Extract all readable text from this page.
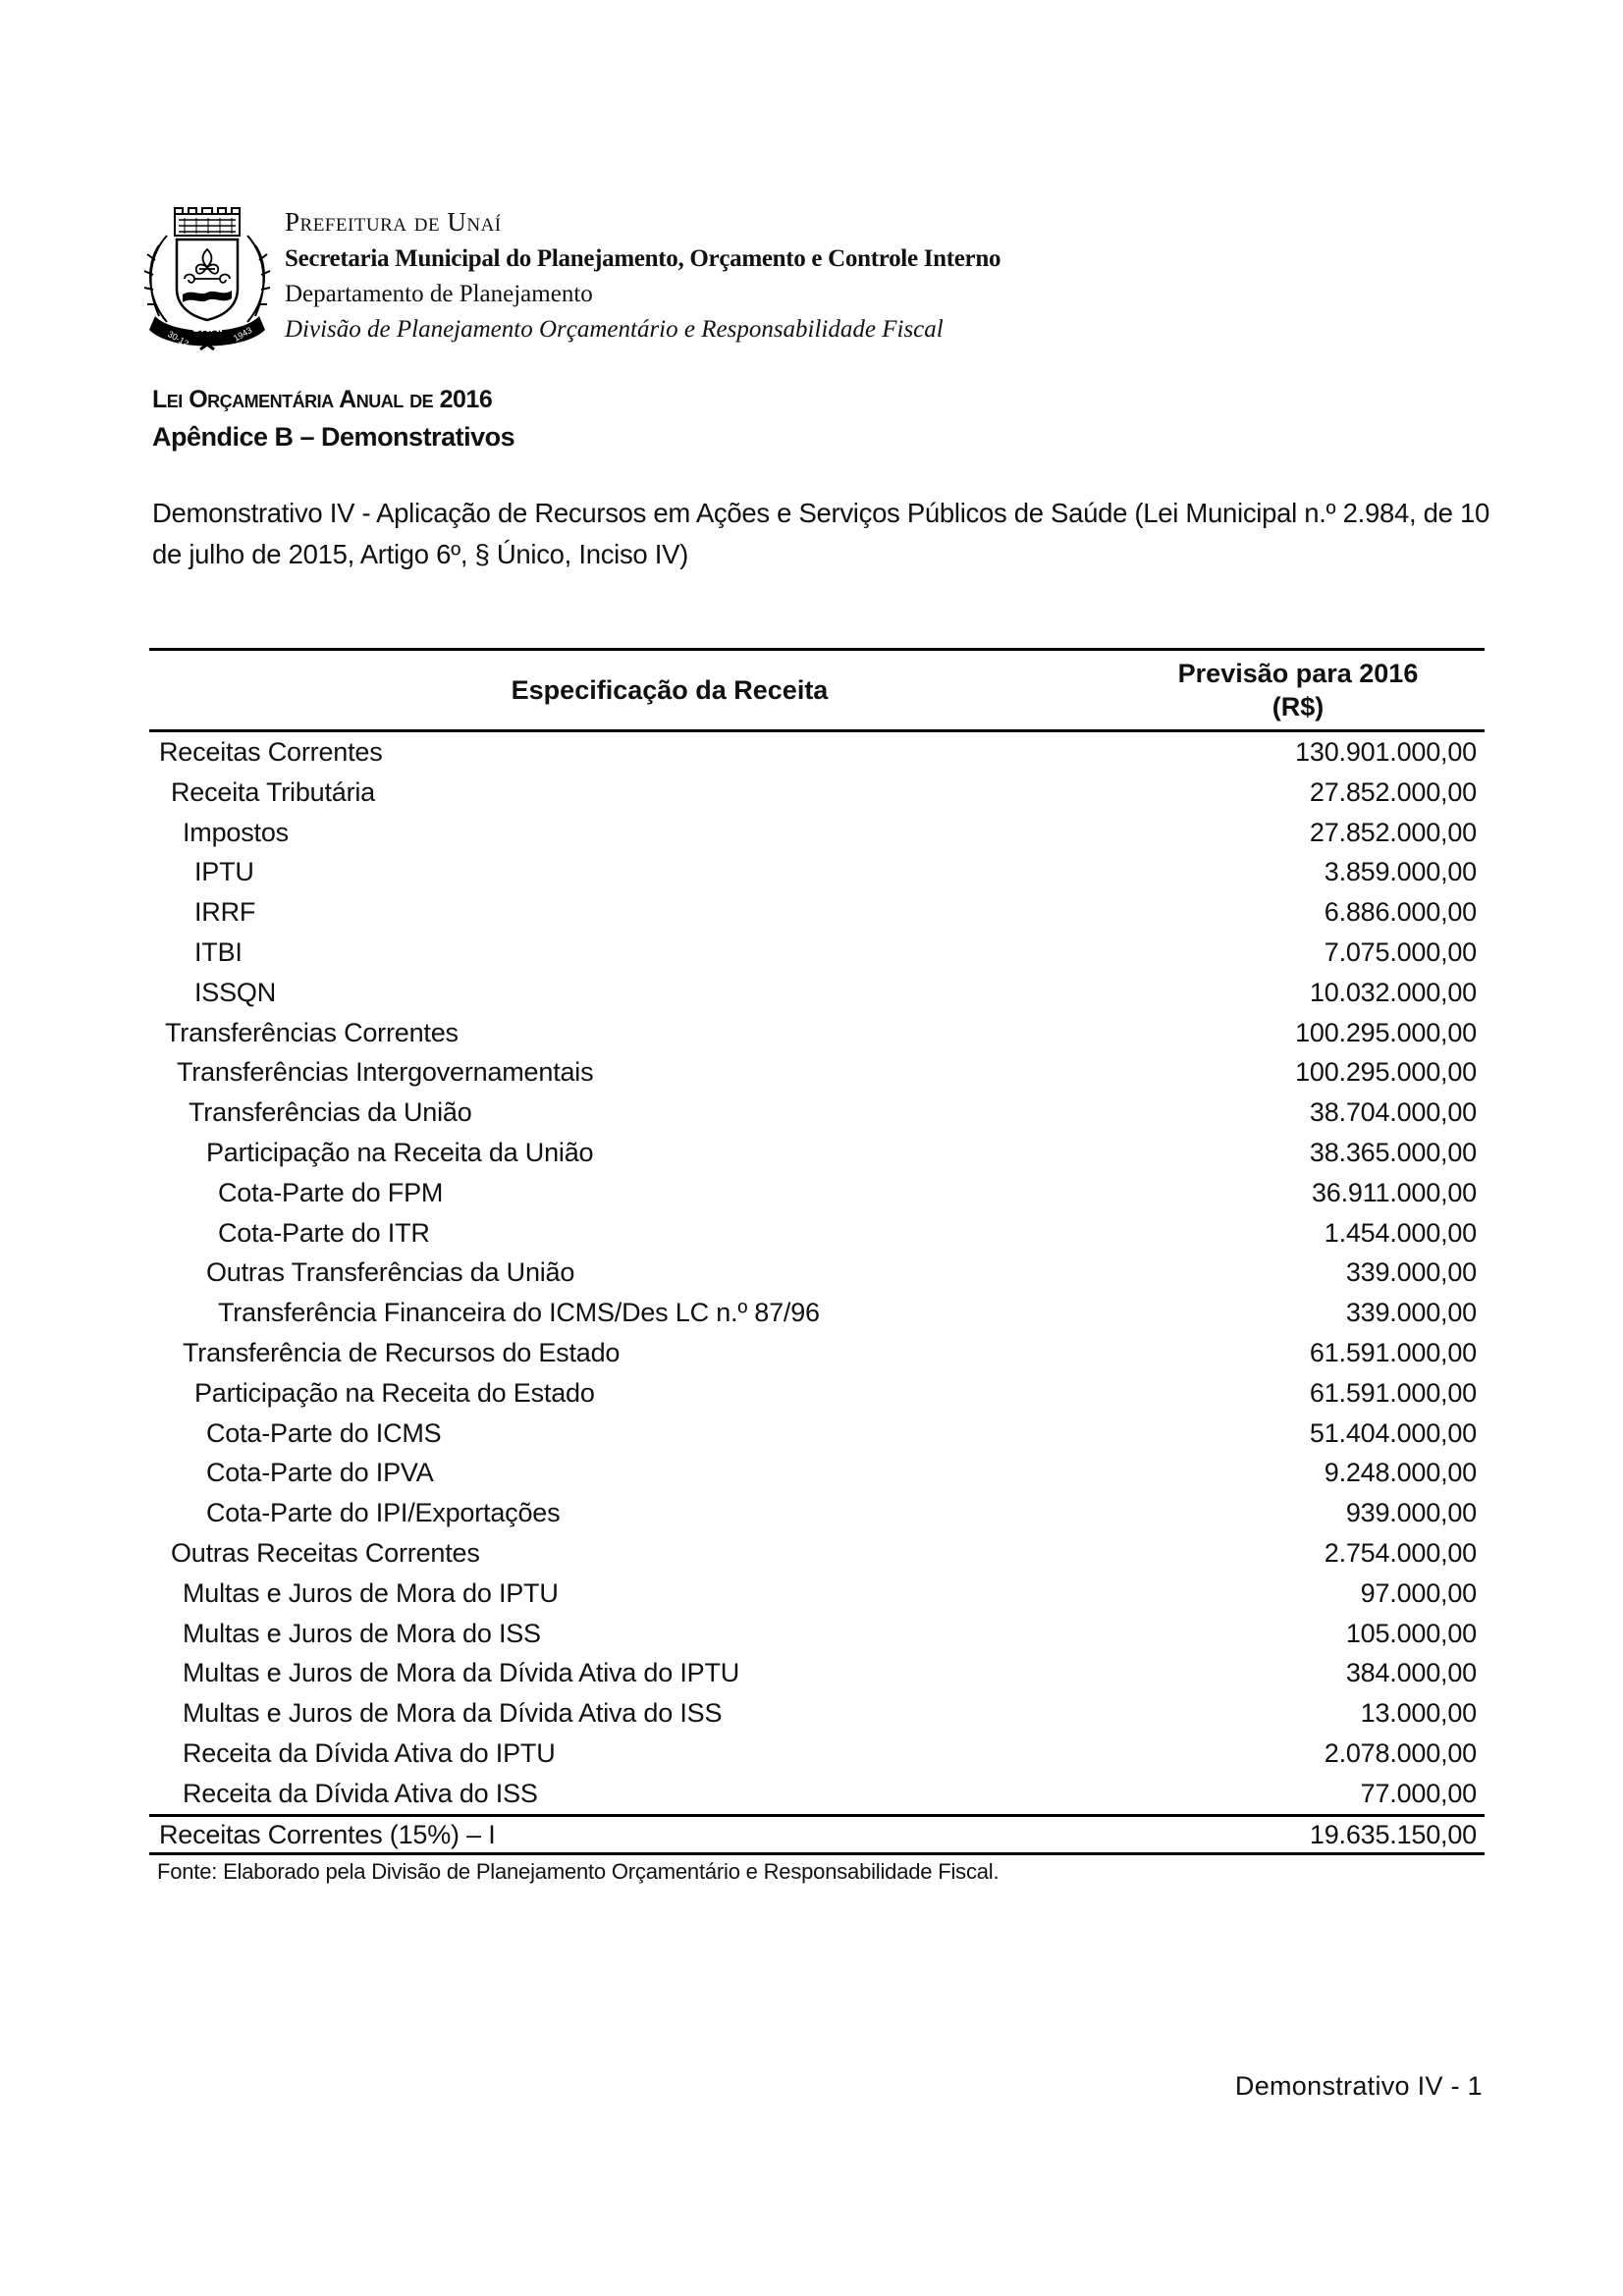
UNAÍ
30-12	1943
Prefeitura de Unaí
Secretaria Municipal do Planejamento, Orçamento e Controle Interno
Departamento de Planejamento
Divisão de Planejamento Orçamentário e Responsabilidade Fiscal
Lei Orçamentária Anual de 2016
Apêndice B – Demonstrativos
Demonstrativo IV - Aplicação de Recursos em Ações e Serviços Públicos de Saúde (Lei Municipal n.º 2.984, de 10 de julho de 2015, Artigo 6º, § Único, Inciso IV)
Especificação da Receita
Previsão para 2016
(R$)
Receitas Correntes	130.901.000,00
Receita Tributária	27.852.000,00
Impostos	27.852.000,00
IPTU	3.859.000,00
IRRF	6.886.000,00
ITBI	7.075.000,00
ISSQN	10.032.000,00
Transferências Correntes	100.295.000,00
Transferências Intergovernamentais	100.295.000,00
Transferências da União	38.704.000,00
Participação na Receita da União	38.365.000,00
Cota-Parte do FPM	36.911.000,00
Cota-Parte do ITR	1.454.000,00
Outras Transferências da União	339.000,00
Transferência Financeira do ICMS/Des LC n.º 87/96	339.000,00
Transferência de Recursos do Estado	61.591.000,00
Participação na Receita do Estado	61.591.000,00
Cota-Parte do ICMS	51.404.000,00
Cota-Parte do IPVA	9.248.000,00
Cota-Parte do IPI/Exportações	939.000,00
Outras Receitas Correntes	2.754.000,00
Multas e Juros de Mora do IPTU	97.000,00
Multas e Juros de Mora do ISS	105.000,00
Multas e Juros de Mora da Dívida Ativa do IPTU	384.000,00
Multas e Juros de Mora da Dívida Ativa do ISS	13.000,00
Receita da Dívida Ativa do IPTU	2.078.000,00
Receita da Dívida Ativa do ISS	77.000,00
Receitas Correntes (15%) – I	19.635.150,00
Fonte: Elaborado pela Divisão de Planejamento Orçamentário e Responsabilidade Fiscal.
Demonstrativo IV - 1
